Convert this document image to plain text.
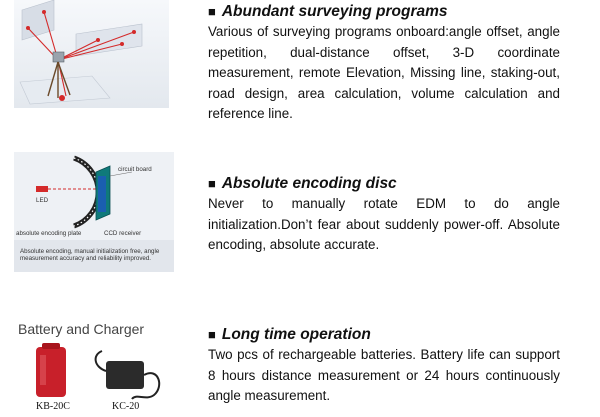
■ Abundant surveying programs
Various of surveying programs onboard:angle offset, angle repetition, dual-distance offset, 3-D coordinate measurement, remote Elevation, Missing line, staking-out, road design, area calculation, volume calculation and reference line.
circuit board
LED
absolute encoding plate	CCD receiver
Absolute encoding, manual initialization free, angle measurement accuracy and reliability improved.
■ Absolute encoding disc
Never to manually rotate EDM to do angle initialization.Don’t fear about suddenly power-off. Absolute encoding, absolute accurate.
Battery and Charger
KB-20C	KC-20
■ Long time operation
Two pcs of rechargeable batteries. Battery life can support 8 hours distance measurement or 24 hours continuously angle measurement.
